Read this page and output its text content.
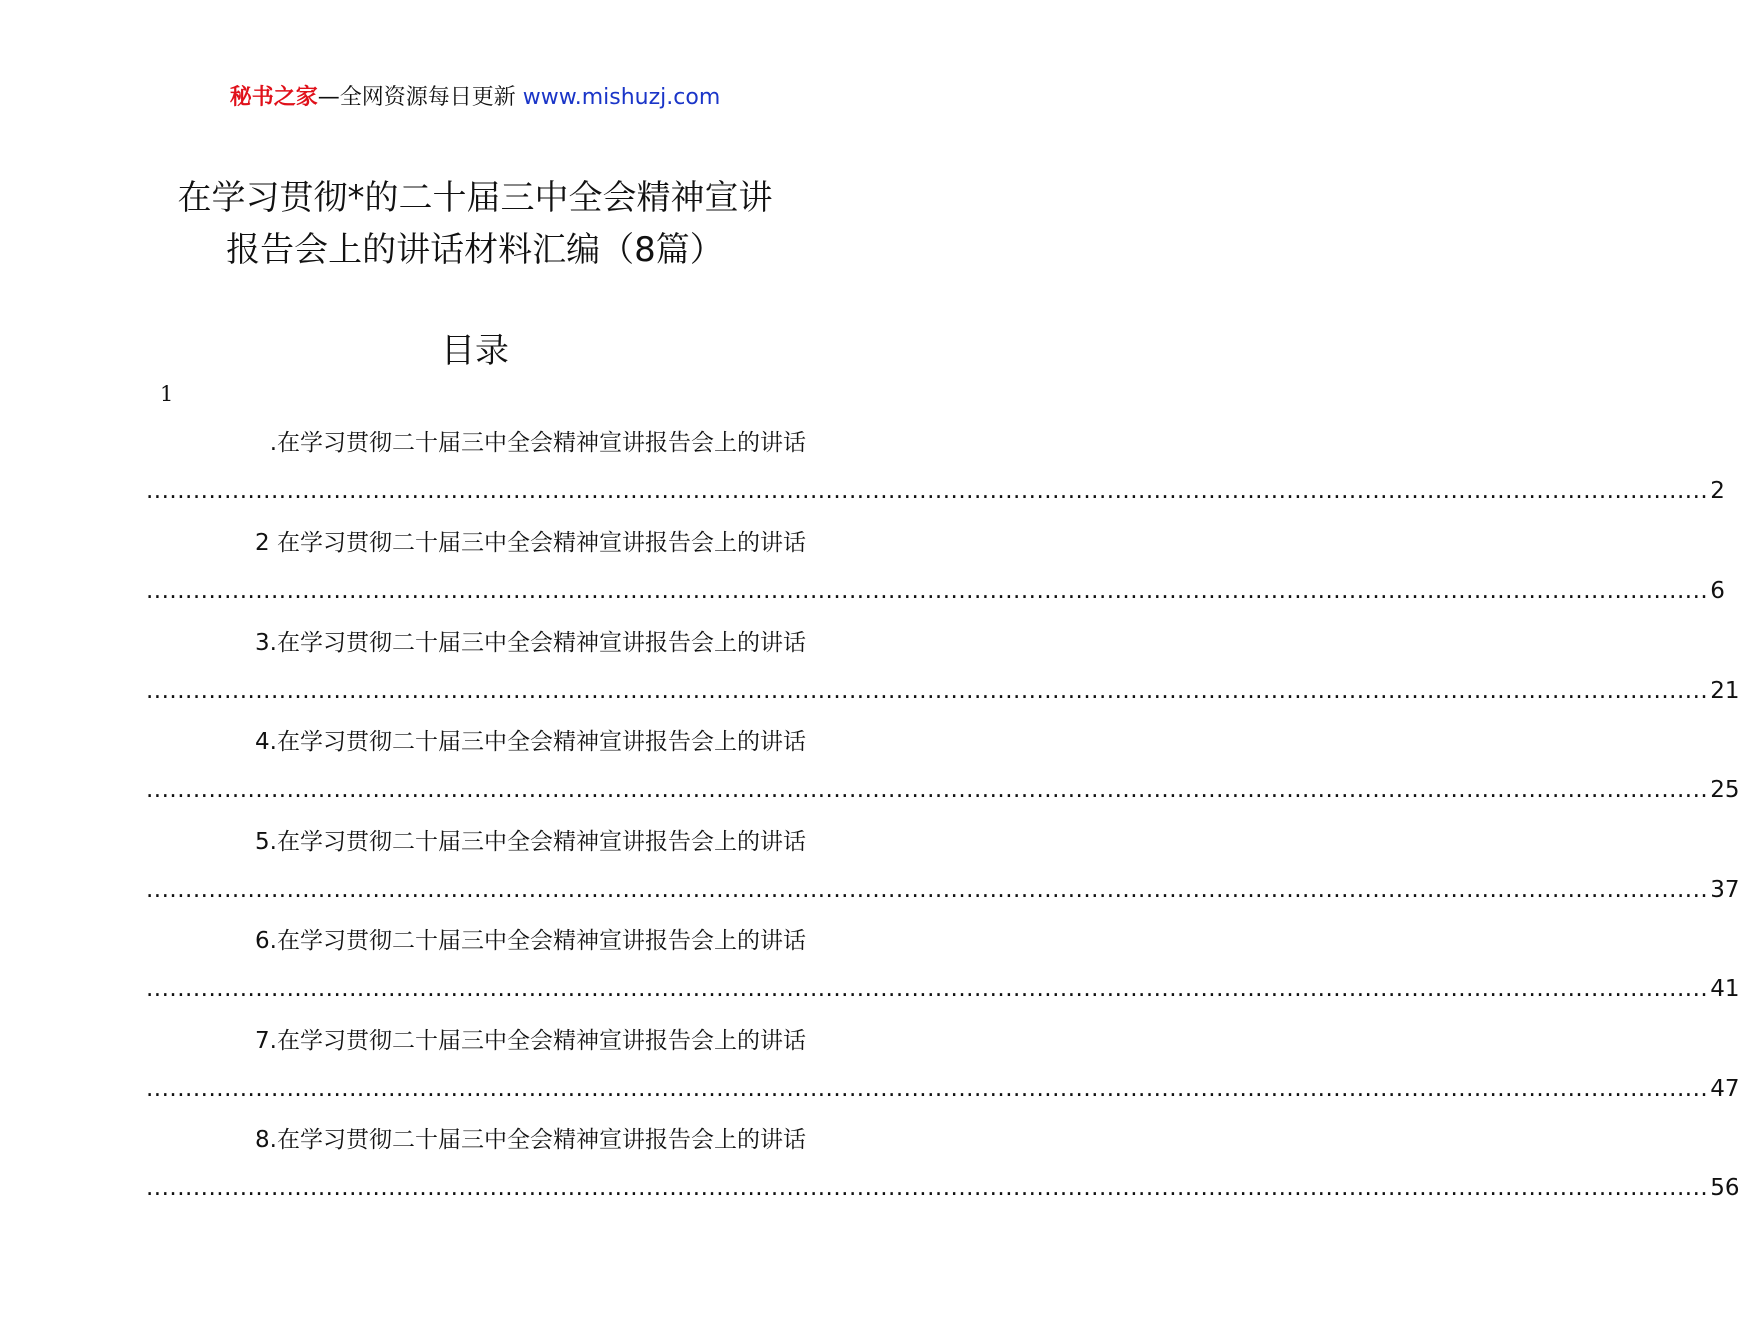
秘书之家—全网资源每日更新 www.mishuzj.com
在学习贯彻*的二十届三中全会精神宣讲
报告会上的讲话材料汇编（8篇）
目录
1
.在学习贯彻二十届三中全会精神宣讲报告会上的讲话
........................................................................................................................................................................................................ 2
2 在学习贯彻二十届三中全会精神宣讲报告会上的讲话
........................................................................................................................................................................................................ 6
3.在学习贯彻二十届三中全会精神宣讲报告会上的讲话
........................................................................................................................................................................................................ 21
4.在学习贯彻二十届三中全会精神宣讲报告会上的讲话
........................................................................................................................................................................................................ 25
5.在学习贯彻二十届三中全会精神宣讲报告会上的讲话
........................................................................................................................................................................................................ 37
6.在学习贯彻二十届三中全会精神宣讲报告会上的讲话
........................................................................................................................................................................................................ 41
7.在学习贯彻二十届三中全会精神宣讲报告会上的讲话
........................................................................................................................................................................................................ 47
8.在学习贯彻二十届三中全会精神宣讲报告会上的讲话
........................................................................................................................................................................................................ 56
